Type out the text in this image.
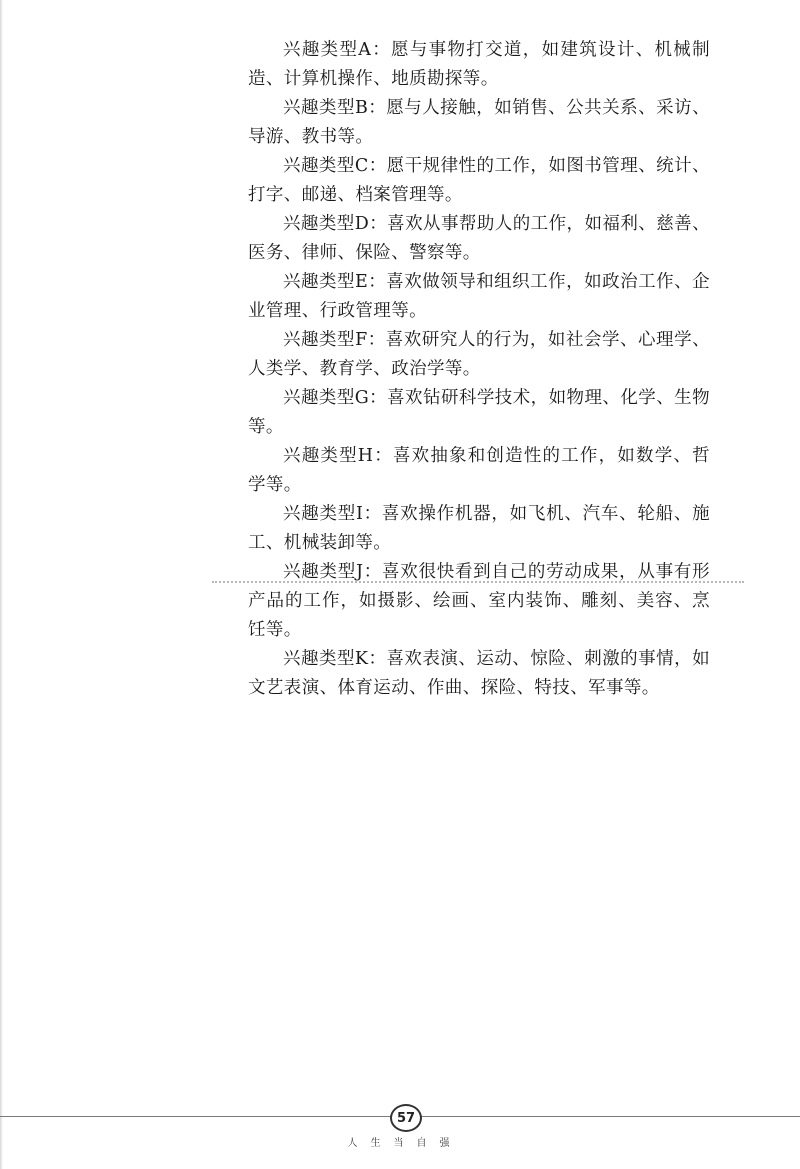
兴趣类型A：愿与事物打交道，如建筑设计、机械制造、计算机操作、地质勘探等。

兴趣类型B：愿与人接触，如销售、公共关系、采访、导游、教书等。

兴趣类型C：愿干规律性的工作，如图书管理、统计、打字、邮递、档案管理等。

兴趣类型D：喜欢从事帮助人的工作，如福利、慈善、医务、律师、保险、警察等。

兴趣类型E：喜欢做领导和组织工作，如政治工作、企业管理、行政管理等。

兴趣类型F：喜欢研究人的行为，如社会学、心理学、人类学、教育学、政治学等。

兴趣类型G：喜欢钻研科学技术，如物理、化学、生物等。

兴趣类型H：喜欢抽象和创造性的工作，如数学、哲学等。

兴趣类型I：喜欢操作机器，如飞机、汽车、轮船、施工、机械装卸等。

兴趣类型J：喜欢很快看到自己的劳动成果，从事有形产品的工作，如摄影、绘画、室内装饰、雕刻、美容、烹饪等。

兴趣类型K：喜欢表演、运动、惊险、刺激的事情，如文艺表演、体育运动、作曲、探险、特技、军事等。

57
人生当自强
